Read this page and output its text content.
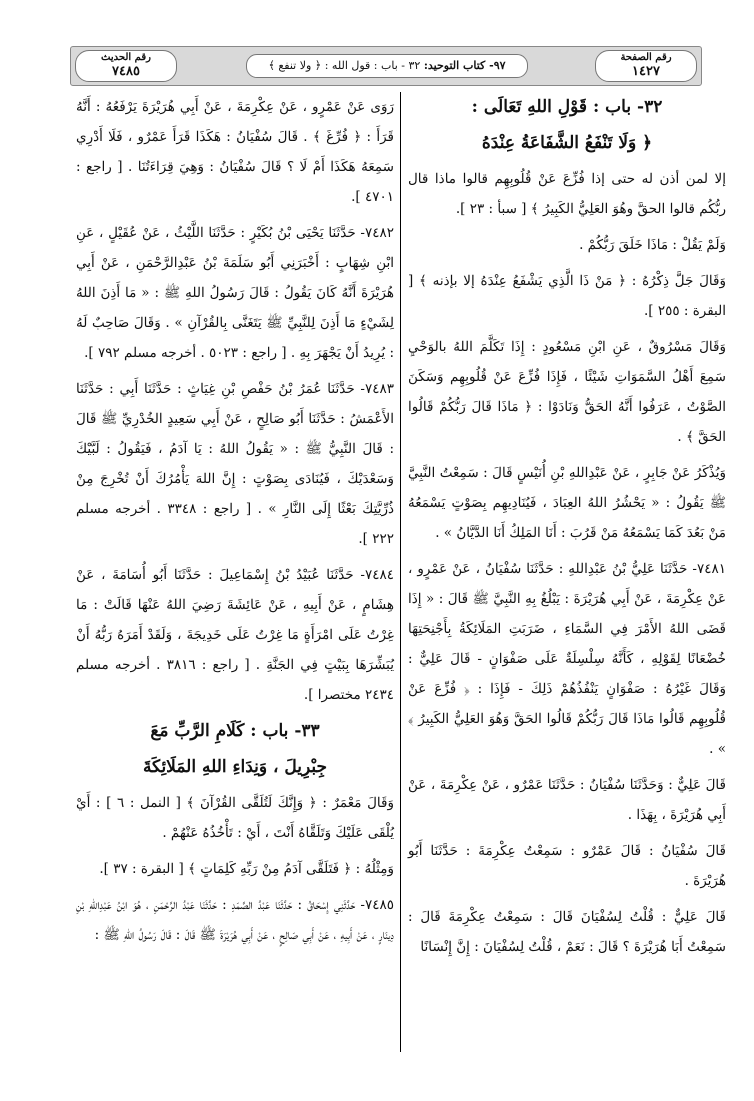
رقم الصفحة
١٤٢٧
٩٧- كتاب التوحيد: ٣٢ - باب : قول الله : ﴿ ولا تنفع ﴾
رقم الحديث
٧٤٨٥

٣٢- باب : قَوْلِ اللهِ تَعَالَى :

﴿ وَلَا تَنْفَعُ الشَّفَاعَةُ عِنْدَهُ

إلا لمن أذن له حتى إذا فُزِّعَ عَنْ قُلُوبِهِم قالوا ماذا قال ربُّكُم قالوا الحقَّ وهُوَ العَلِيُّ الكَبِيرُ ﴾ [ سبأ : ٢٣ ].

وَلَمْ يَقُلْ : مَاذَا خَلَقَ رَبُّكُمْ .

وَقَالَ جَلَّ ذِكْرُهُ : ﴿ مَنْ ذَا الَّذِي يَشْفَعُ عِنْدَهُ إلا بإذنه ﴾ [ البقرة : ٢٥٥ ].

وَقَالَ مَسْرُوقٌ ، عَنِ ابْنِ مَسْعُودٍ : إِذَا تَكَلَّمَ اللهُ بالوَحْيِ سَمِعَ أَهْلُ السَّمَوَاتِ شَيْئًا ، فَإِذَا فُزِّعَ عَنْ قُلُوبِهِم وَسَكَنَ الصَّوْتُ ، عَرَفُوا أَنَّهُ الحَقُّ وَنَادَوْا : ﴿ مَاذَا قَالَ رَبُّكُمْ قَالُوا الحَقَّ ﴾ .

وَيُذْكَرُ عَنْ جَابِرٍ ، عَنْ عَبْدِاللهِ بْنِ أُنَيْسٍ قَالَ : سَمِعْتُ النَّبِيَّ ﷺ يَقُولُ : « يَحْشُرُ اللهُ العِبَادَ ، فَيُنَادِيهِم بِصَوْتٍ يَسْمَعُهُ مَنْ بَعُدَ كَمَا يَسْمَعُهُ مَنْ قَرُبَ : أَنَا المَلِكُ أَنَا الدَّيَّانُ » .

٧٤٨١- حَدَّثَنَا عَلِيُّ بْنُ عَبْدِاللهِ : حَدَّثَنَا سُفْيَانُ ، عَنْ عَمْرٍو ، عَنْ عِكْرِمَةَ ، عَنْ أَبِي هُرَيْرَةَ : يَبْلُغُ بِهِ النَّبِيَّ ﷺ قَالَ : « إِذَا قَضَى اللهُ الأَمْرَ فِي السَّمَاءِ ، ضَرَبَتِ المَلَائِكَةُ بِأَجْنِحَتِهَا خُضْعَانًا لِقَوْلِهِ ، كَأَنَّهُ سِلْسِلَةٌ عَلَى صَفْوَانٍ - قَالَ عَلِيٌّ : وَقَالَ غَيْرُهُ : صَفْوَانٍ يَنْفُذُهُمْ ذَلِكَ - فَإِذَا : ﴿ فُزِّعَ عَنْ قُلُوبِهِم قَالُوا مَاذَا قَالَ رَبُّكُمْ قَالُوا الحَقَّ وَهُوَ العَلِيُّ الكَبِيرُ ﴾ » .

قَالَ عَلِيٌّ : وَحَدَّثَنَا سُفْيَانُ : حَدَّثَنَا عَمْرٌو ، عَنْ عِكْرِمَةَ ، عَنْ أَبِي هُرَيْرَةَ ، بِهَذَا .

قَالَ سُفْيَانُ : قَالَ عَمْرٌو : سَمِعْتُ عِكْرِمَةَ : حَدَّثَنَا أَبُو هُرَيْرَةَ .

قَالَ عَلِيٌّ : قُلْتُ لِسُفْيَانَ قَالَ : سَمِعْتُ عِكْرِمَةَ قَالَ : سَمِعْتُ أَبَا هُرَيْرَةَ ؟ قَالَ : نَعَمْ ، قُلْتُ لِسُفْيَانَ : إِنَّ إِنْسَانًا

رَوَى عَنْ عَمْرٍو ، عَنْ عِكْرِمَةَ ، عَنْ أَبِي هُرَيْرَةَ يَرْفَعُهُ : أَنَّهُ قَرَأَ : ﴿ فُرِّغَ ﴾ . قَالَ سُفْيَانُ : هَكَذَا قَرَأَ عَمْرٌو ، فَلَا أَدْرِي سَمِعَهُ هَكَذَا أَمْ لَا ؟ قَالَ سُفْيَانُ : وَهِيَ قِرَاءَتُنَا . [ راجع : ٤٧٠١ ].

٧٤٨٢- حَدَّثَنَا يَحْيَى بْنُ بُكَيْرٍ : حَدَّثَنَا اللَّيْثُ ، عَنْ عُقَيْلٍ ، عَنِ ابْنِ شِهَابٍ : أَخْبَرَنِي أَبُو سَلَمَةَ بْنُ عَبْدِالرَّحْمَنِ ، عَنْ أَبِي هُرَيْرَةَ أَنَّهُ كَانَ يَقُولُ : قَالَ رَسُولُ اللهِ ﷺ : « مَا أَذِنَ اللهُ لِشَيْءٍ مَا أَذِنَ لِلنَّبِيِّ ﷺ يَتَغَنَّى بِالقُرْآنِ » . وَقَالَ صَاحِبٌ لَهُ : يُرِيدُ أَنْ يَجْهَرَ بِهِ . [ راجع : ٥٠٢٣ . أخرجه مسلم ٧٩٢ ].

٧٤٨٣- حَدَّثَنَا عُمَرُ بْنُ حَفْصِ بْنِ غِيَاثٍ : حَدَّثَنَا أَبِي : حَدَّثَنَا الأَعْمَشُ : حَدَّثَنَا أَبُو صَالِحٍ ، عَنْ أَبِي سَعِيدٍ الخُدْرِيِّ ﷺ قَالَ : قَالَ النَّبِيُّ ﷺ : « يَقُولُ اللهُ : يَا آدَمُ ، فَيَقُولُ : لَبَّيْكَ وَسَعْدَيْكَ ، فَيُنَادَى بِصَوْتٍ : إِنَّ اللهَ يَأْمُرُكَ أَنْ تُخْرِجَ مِنْ ذُرِّيَّتِكَ بَعْثًا إِلَى النَّارِ » . [ راجع : ٣٣٤٨ . أخرجه مسلم ٢٢٢ ].

٧٤٨٤- حَدَّثَنَا عُبَيْدُ بْنُ إِسْمَاعِيلَ : حَدَّثَنَا أَبُو أُسَامَةَ ، عَنْ هِشَامٍ ، عَنْ أَبِيهِ ، عَنْ عَائِشَةَ رَضِيَ اللهُ عَنْهَا قَالَتْ : مَا غِرْتُ عَلَى امْرَأَةٍ مَا غِرْتُ عَلَى خَدِيجَةَ ، وَلَقَدْ أَمَرَهُ رَبُّهُ أَنْ يُبَشِّرَهَا بِبَيْتٍ فِي الجَنَّةِ . [ راجع : ٣٨١٦ . أخرجه مسلم ٢٤٣٤ مختصرا ].

٣٣- باب : كَلَامِ الرَّبِّ مَعَ

جِبْرِيلَ ، وَنِدَاءِ اللهِ المَلَائِكَةَ

وَقَالَ مَعْمَرٌ : ﴿ وَإِنَّكَ لَتُلَقَّى القُرْآنَ ﴾ [ النمل : ٦ ] : أَيْ يُلْقَى عَلَيْكَ وَتَلَقَّاهُ أَنْتَ ، أَيْ : تَأْخُذُهُ عَنْهُمْ .

وَمِثْلُهُ : ﴿ فَتَلَقَّى آدَمُ مِنْ رَبِّهِ كَلِمَاتٍ ﴾ [ البقرة : ٣٧ ].

٧٤٨٥- حَدَّثَنِي إِسْحَاقُ : حَدَّثَنَا عَبْدُ الصَّمَدِ : حَدَّثَنَا عَبْدُ الرَّحْمَنِ ، هُوَ ابْنُ عَبْدِاللهِ بْنِ دِينَارٍ ، عَنْ أَبِيهِ ، عَنْ أَبِي صَالِحٍ ، عَنْ أَبِي هُرَيْرَةَ ﷺ قَالَ : قَالَ رَسُولُ اللهِ ﷺ :
